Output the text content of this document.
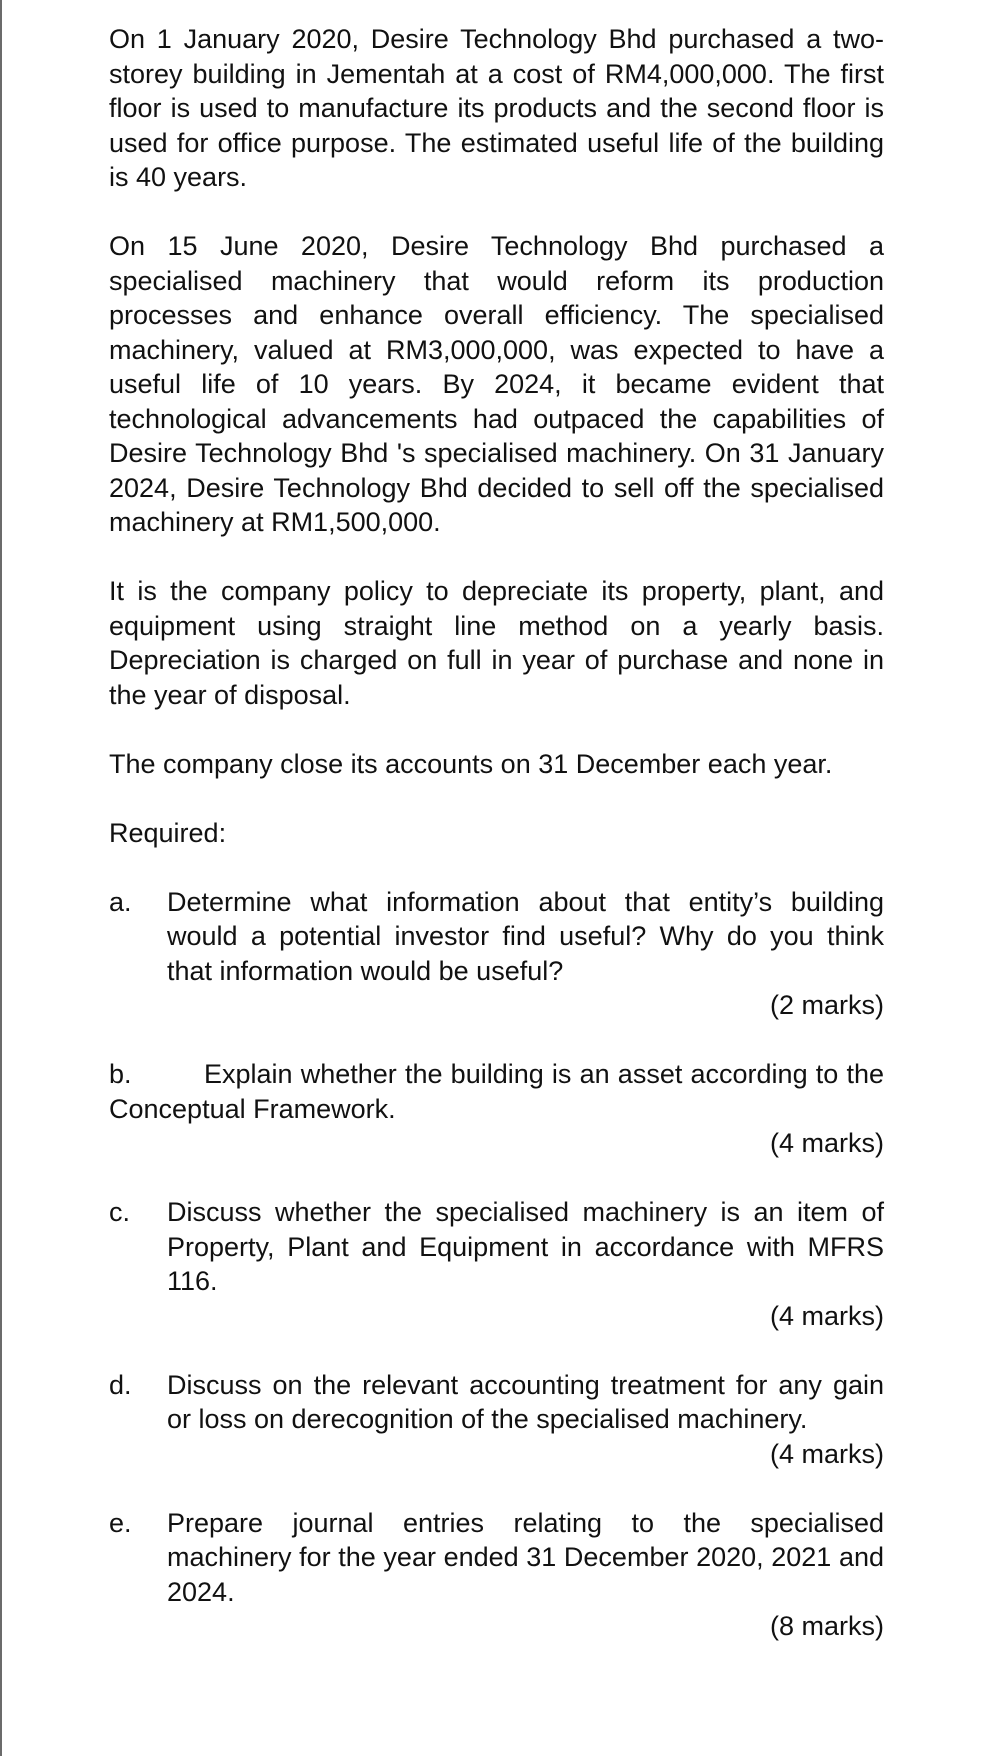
On 1 January 2020, Desire Technology Bhd purchased a two-storey building in Jementah at a cost of RM4,000,000. The first floor is used to manufacture its products and the second floor is used for office purpose. The estimated useful life of the building is 40 years.

On 15 June 2020, Desire Technology Bhd purchased a specialised machinery that would reform its production processes and enhance overall efficiency. The specialised machinery, valued at RM3,000,000, was expected to have a useful life of 10 years. By 2024, it became evident that technological advancements had outpaced the capabilities of Desire Technology Bhd 's specialised machinery. On 31 January 2024, Desire Technology Bhd decided to sell off the specialised machinery at RM1,500,000.

It is the company policy to depreciate its property, plant, and equipment using straight line method on a yearly basis. Depreciation is charged on full in year of purchase and none in the year of disposal.

The company close its accounts on 31 December each year.

Required:

a.	Determine what information about that entity’s building would a potential investor find useful? Why do you think that information would be useful?

(2 marks)

b.	Explain whether the building is an asset according to the Conceptual Framework.

(4 marks)

c.	Discuss whether the specialised machinery is an item of Property, Plant and Equipment in accordance with MFRS 116.

(4 marks)

d.	Discuss on the relevant accounting treatment for any gain or loss on derecognition of the specialised machinery.

(4 marks)

e.	Prepare journal entries relating to the specialised machinery for the year ended 31 December 2020, 2021 and 2024.

(8 marks)
